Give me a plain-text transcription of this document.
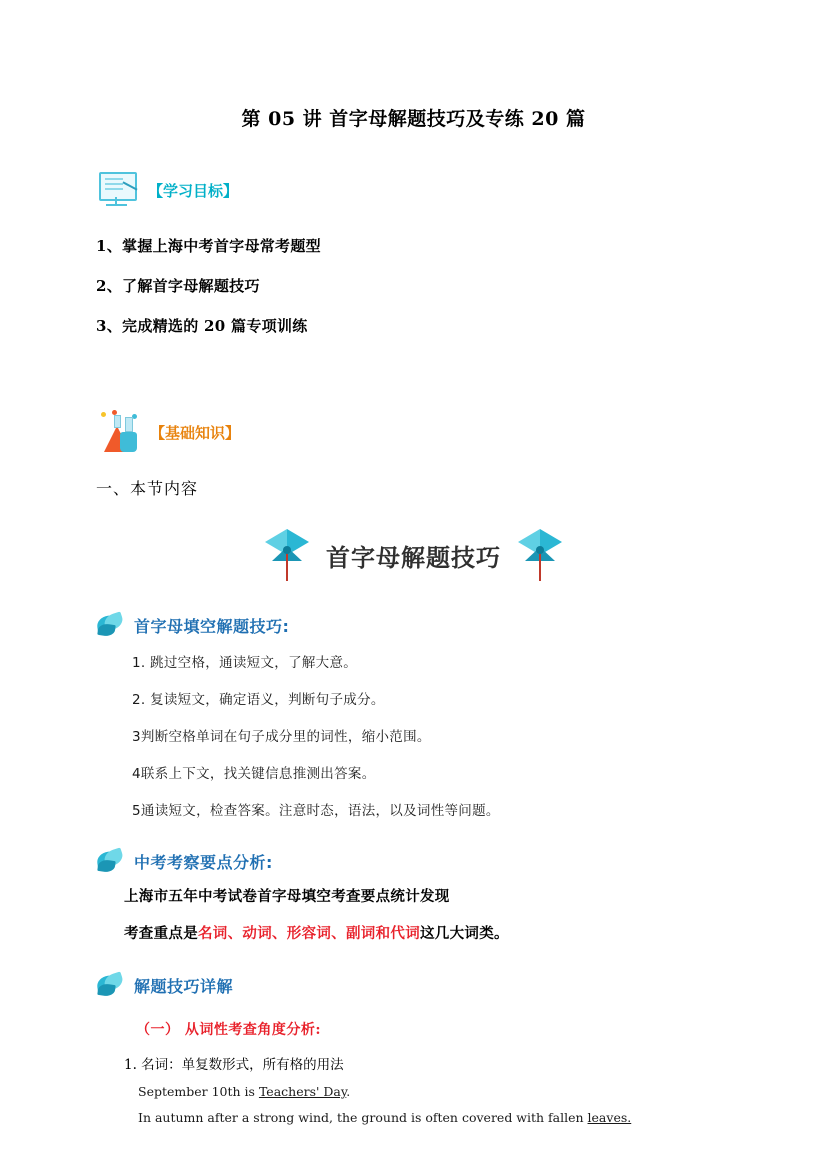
第 05 讲 首字母解题技巧及专练 20 篇
【学习目标】
1、掌握上海中考首字母常考题型
2、了解首字母解题技巧
3、完成精选的 20 篇专项训练
【基础知识】
一、本节内容
首字母解题技巧
首字母填空解题技巧:
1. 跳过空格，通读短文，了解大意。
2. 复读短文，确定语义，判断句子成分。
3判断空格单词在句子成分里的词性，缩小范围。
4联系上下文，找关键信息推测出答案。
5通读短文，检查答案。注意时态，语法，以及词性等问题。
中考考察要点分析:
上海市五年中考试卷首字母填空考查要点统计发现
考查重点是名词、动词、形容词、副词和代词这几大词类。
解题技巧详解
（一） 从词性考查角度分析:
1. 名词：单复数形式，所有格的用法
September 10th is Teachers' Day.
In autumn after a strong wind, the ground is often covered with fallen leaves.
